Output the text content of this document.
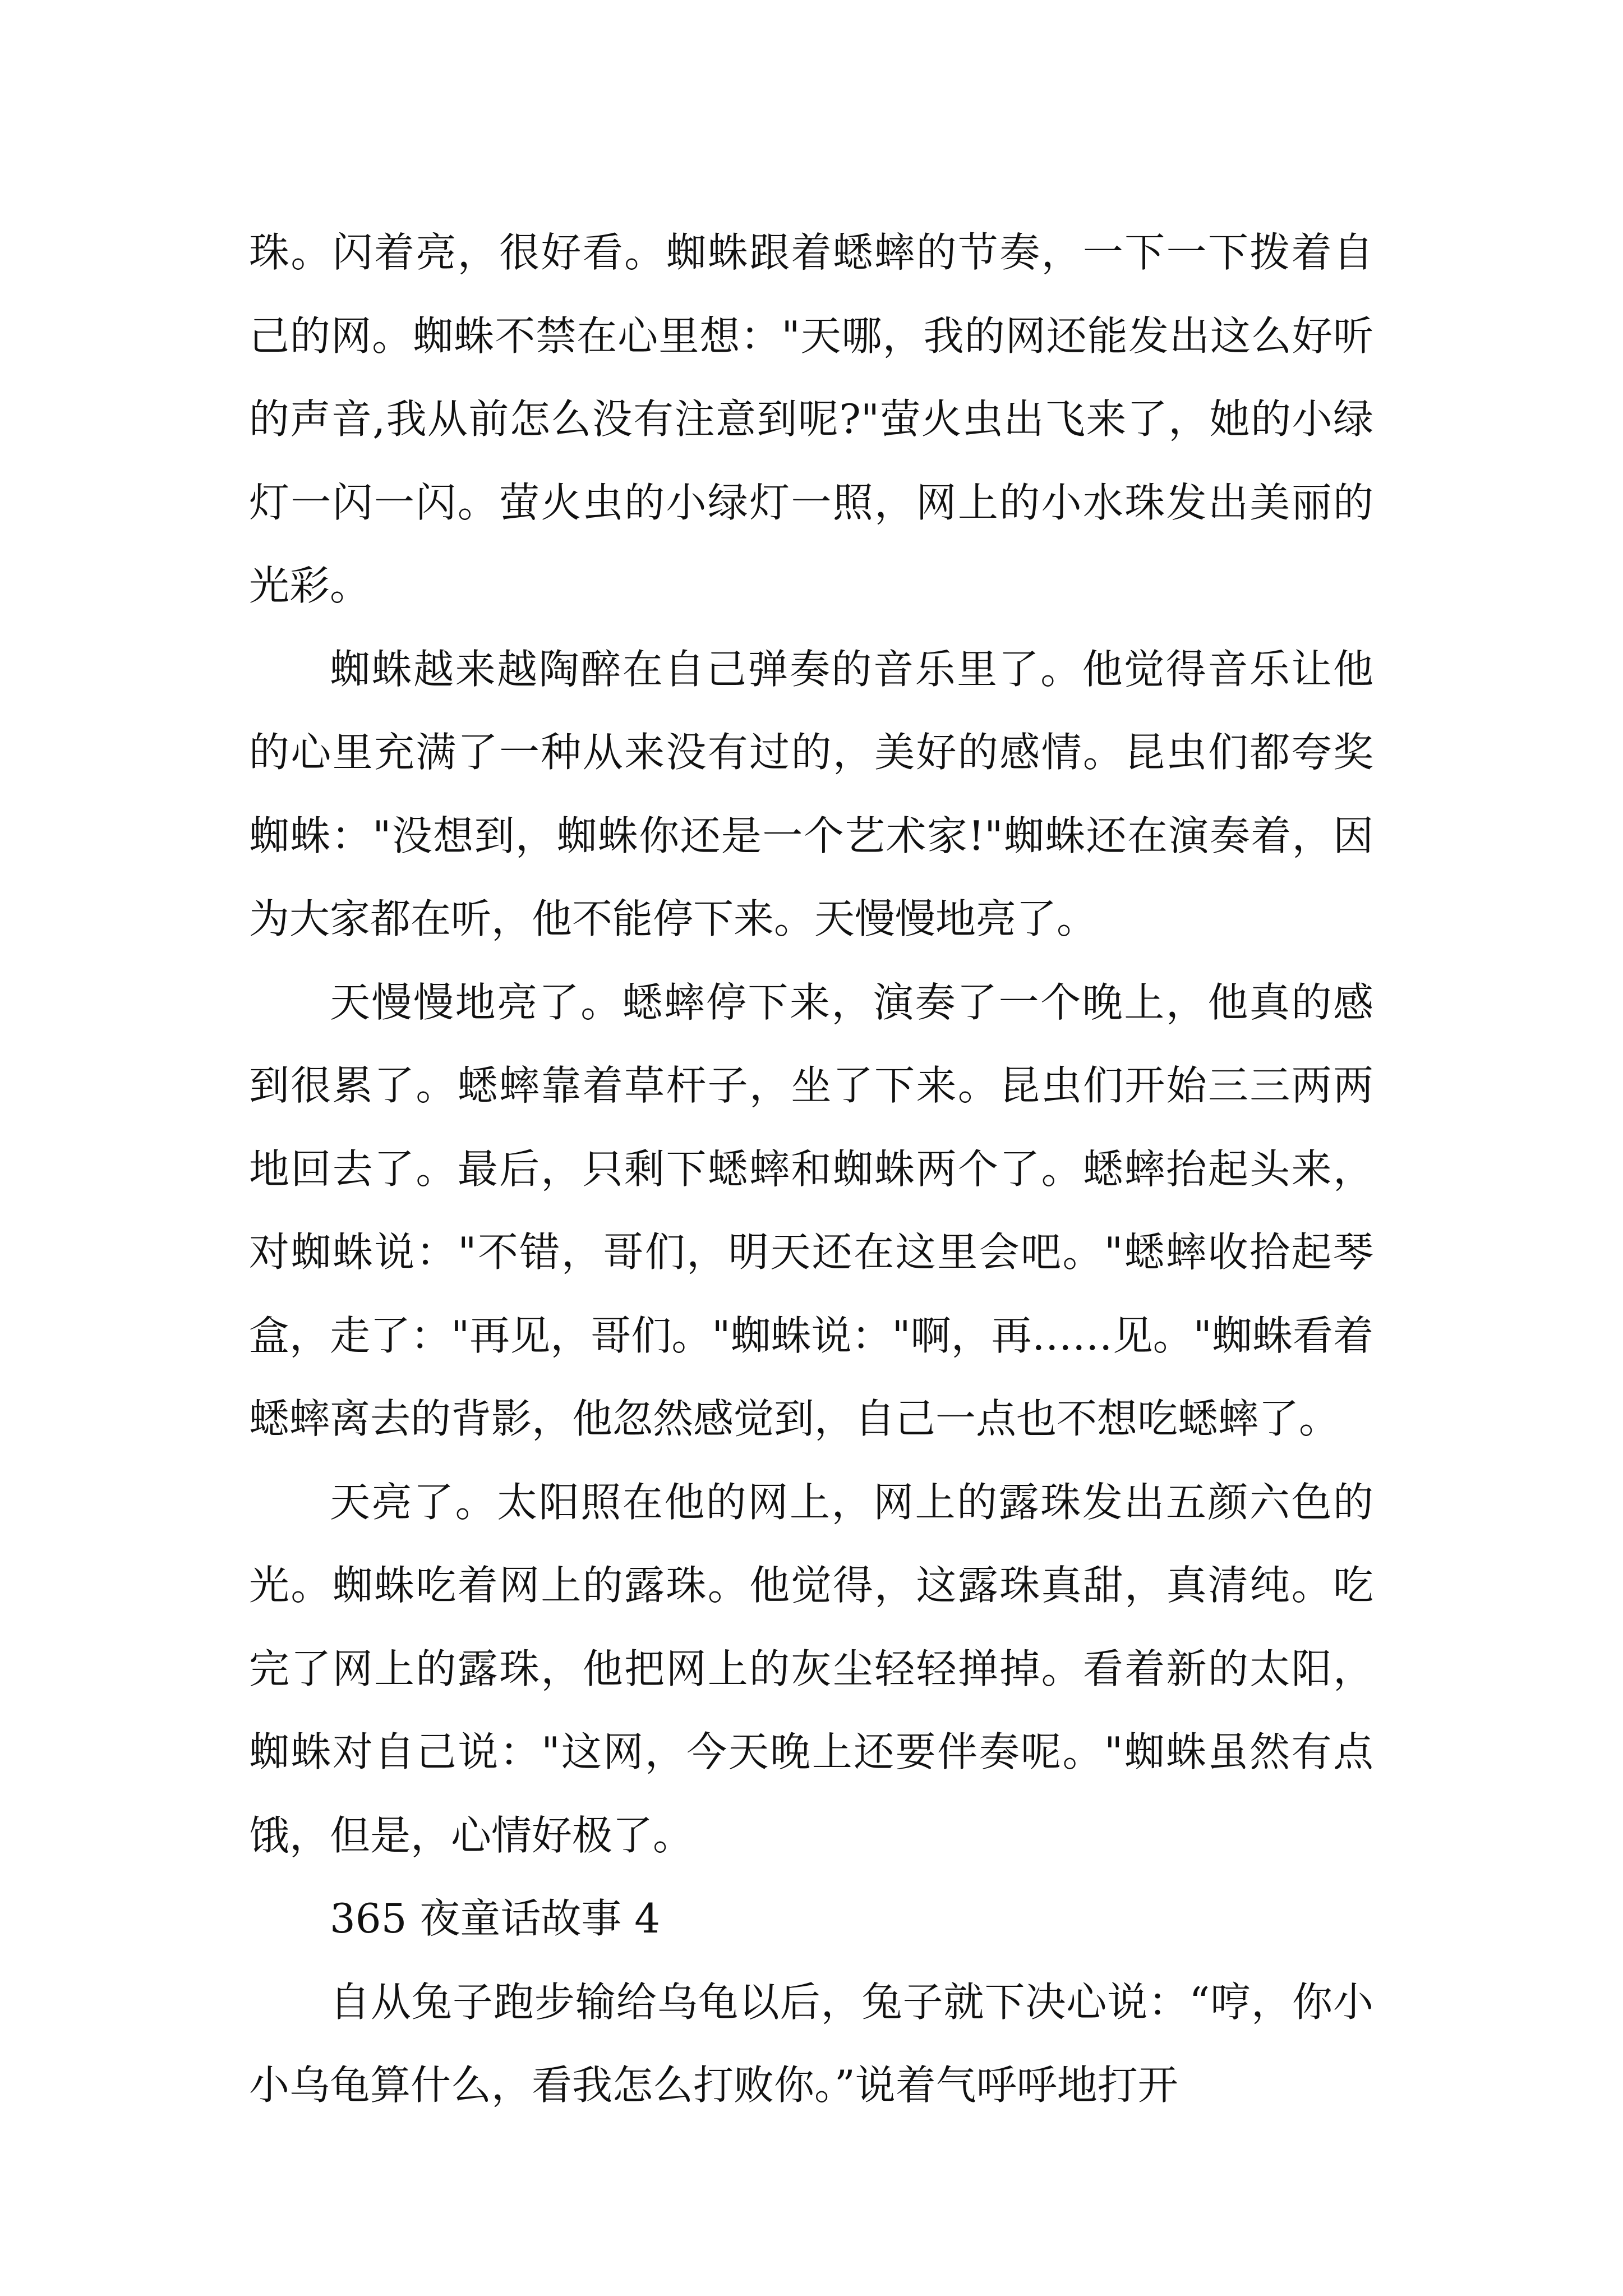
珠。闪着亮，很好看。蜘蛛跟着蟋蟀的节奏，一下一下拨着自己的网。蜘蛛不禁在心里想："天哪，我的网还能发出这么好听的声音,我从前怎么没有注意到呢?"萤火虫出飞来了，她的小绿灯一闪一闪。萤火虫的小绿灯一照，网上的小水珠发出美丽的光彩。

蜘蛛越来越陶醉在自己弹奏的音乐里了。他觉得音乐让他的心里充满了一种从来没有过的，美好的感情。昆虫们都夸奖蜘蛛："没想到，蜘蛛你还是一个艺术家!"蜘蛛还在演奏着，因为大家都在听，他不能停下来。天慢慢地亮了。

天慢慢地亮了。蟋蟀停下来，演奏了一个晚上，他真的感到很累了。蟋蟀靠着草杆子，坐了下来。昆虫们开始三三两两地回去了。最后，只剩下蟋蟀和蜘蛛两个了。蟋蟀抬起头来，对蜘蛛说："不错，哥们，明天还在这里会吧。"蟋蟀收拾起琴盒，走了："再见，哥们。"蜘蛛说："啊，再……见。"蜘蛛看着蟋蟀离去的背影，他忽然感觉到，自己一点也不想吃蟋蟀了。

天亮了。太阳照在他的网上，网上的露珠发出五颜六色的光。蜘蛛吃着网上的露珠。他觉得，这露珠真甜，真清纯。吃完了网上的露珠，他把网上的灰尘轻轻掸掉。看着新的太阳，蜘蛛对自己说："这网，今天晚上还要伴奏呢。"蜘蛛虽然有点饿，但是，心情好极了。

365 夜童话故事 4

自从兔子跑步输给乌龟以后，兔子就下决心说：“哼，你小小乌龟算什么，看我怎么打败你。”说着气呼呼地打开
